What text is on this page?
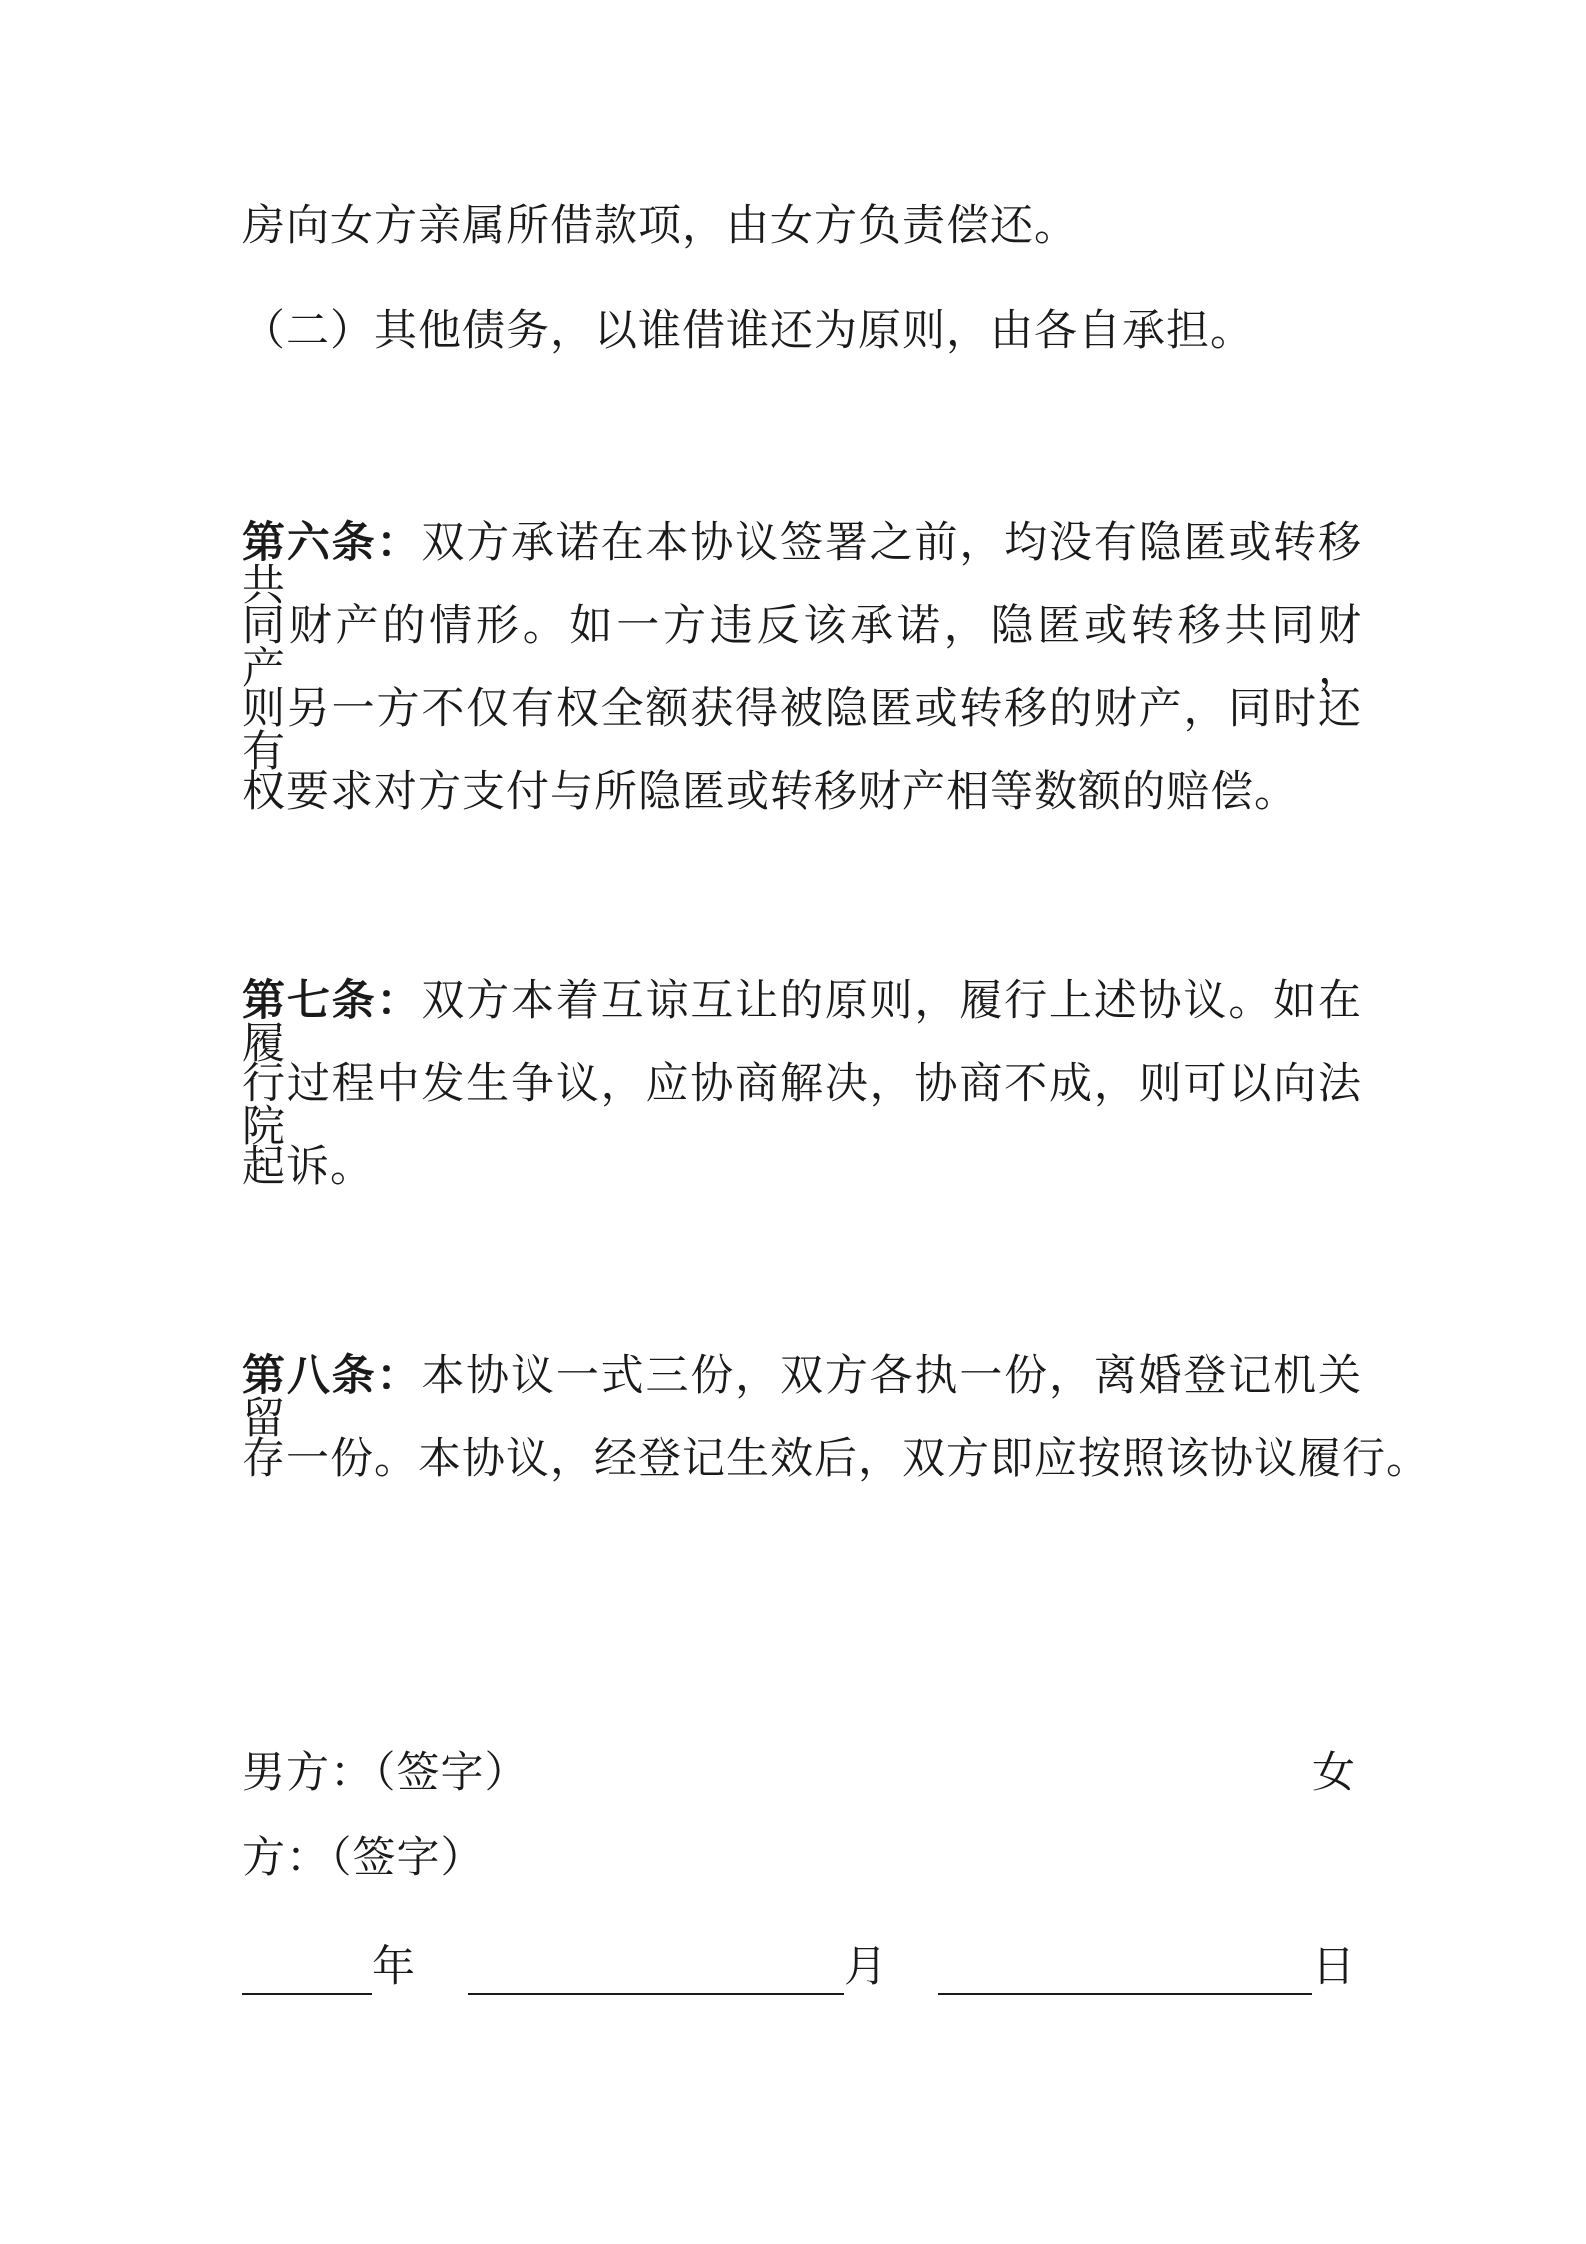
房向女方亲属所借款项，由女方负责偿还。
（二）其他债务，以谁借谁还为原则，由各自承担。
第六条：双方承诺在本协议签署之前，均没有隐匿或转移共
同财产的情形。如一方违反该承诺，隐匿或转移共同财产，
则另一方不仅有权全额获得被隐匿或转移的财产，同时还有
权要求对方支付与所隐匿或转移财产相等数额的赔偿。
第七条：双方本着互谅互让的原则，履行上述协议。如在履
行过程中发生争议，应协商解决，协商不成，则可以向法院
起诉。
第八条：本协议一式三份，双方各执一份，离婚登记机关留
存一份。本协议，经登记生效后，双方即应按照该协议履行。
男方：（签字）	女
方：（签字）
年	月	日
